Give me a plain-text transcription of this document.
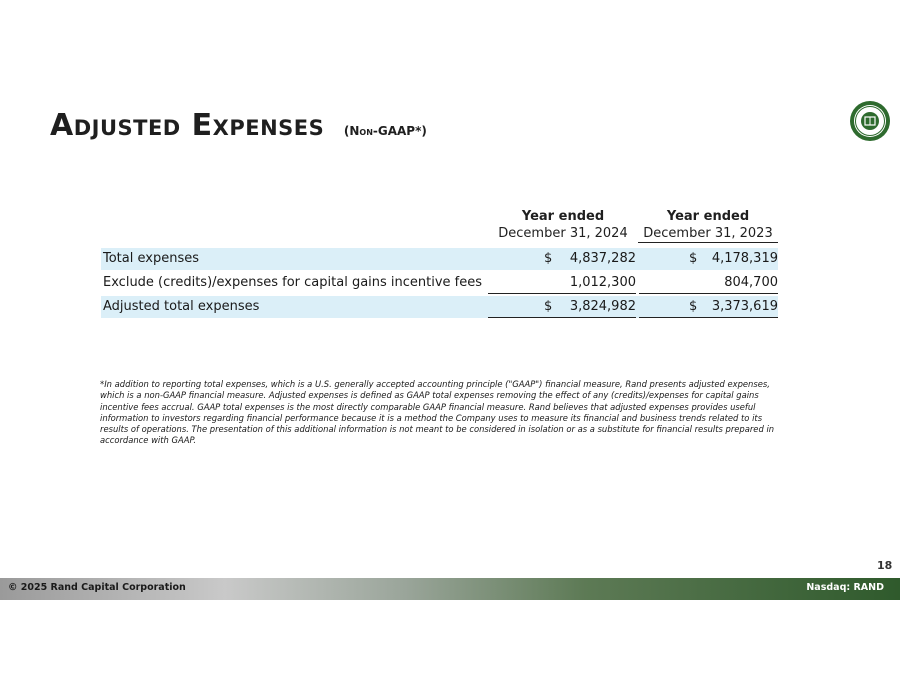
Adjusted Expenses (Non-GAAP*)
Year ended
December 31, 2024
Year ended
December 31, 2023
Total expenses	$ 4,837,282	$ 4,178,319
Exclude (credits)/expenses for capital gains incentive fees	1,012,300	804,700
Adjusted total expenses	$ 3,824,982	$ 3,373,619
*In addition to reporting total expenses, which is a U.S. generally accepted accounting principle ("GAAP") financial measure, Rand presents adjusted expenses, which is a non-GAAP financial measure. Adjusted expenses is defined as GAAP total expenses removing the effect of any (credits)/expenses for capital gains incentive fees accrual. GAAP total expenses is the most directly comparable GAAP financial measure. Rand believes that adjusted expenses provides useful information to investors regarding financial performance because it is a method the Company uses to measure its financial and business trends related to its results of operations. The presentation of this additional information is not meant to be considered in isolation or as a substitute for financial results prepared in accordance with GAAP.
18
© 2025 Rand Capital Corporation	Nasdaq: RAND
